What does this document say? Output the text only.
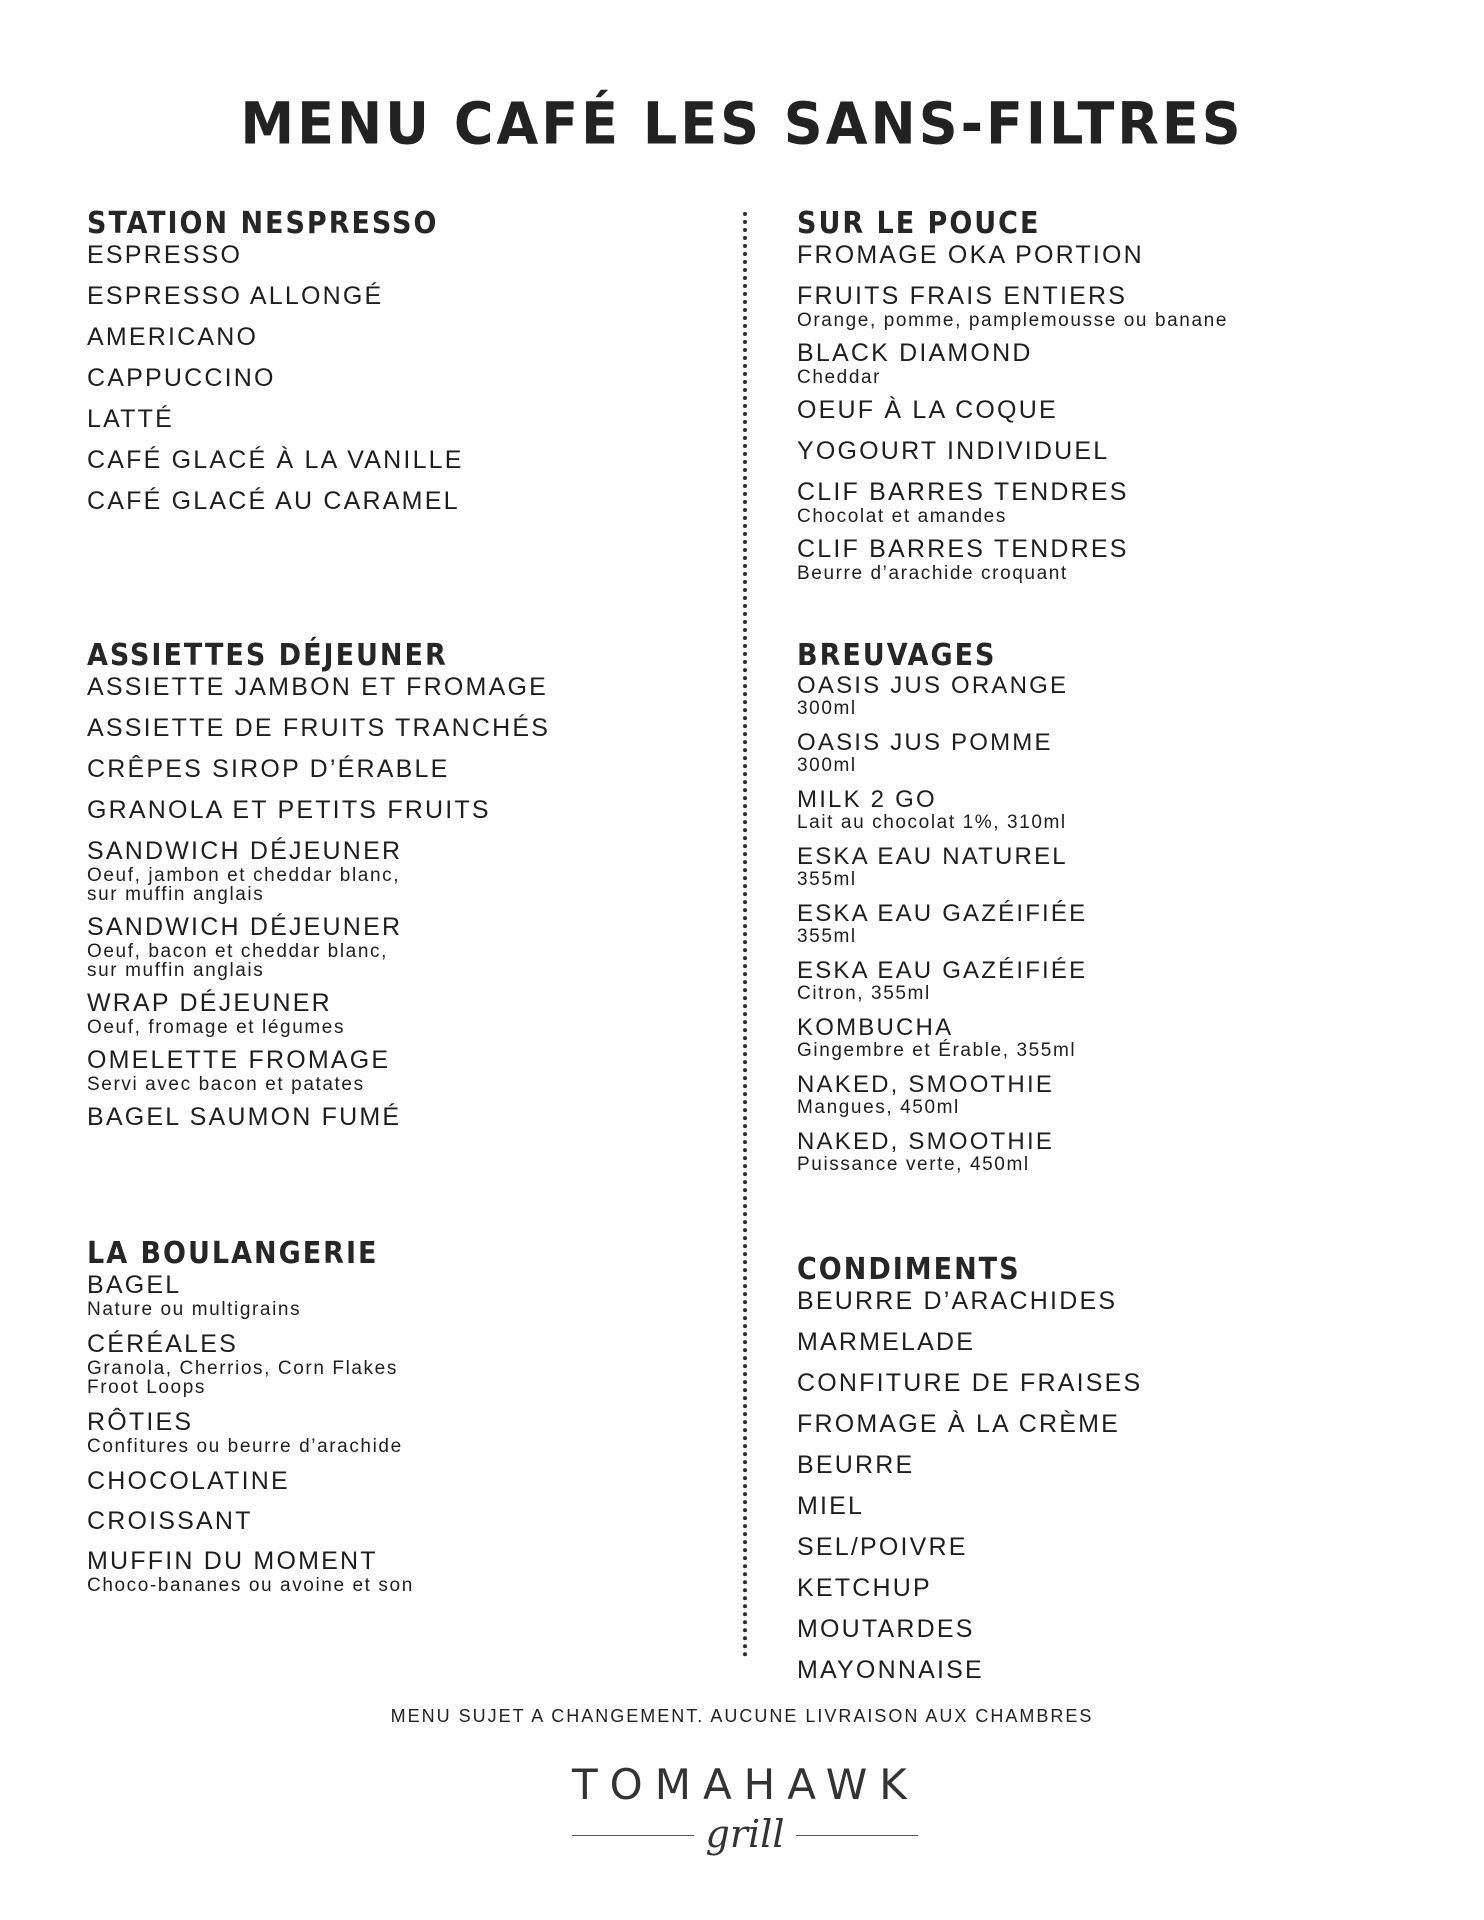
MENU CAFÉ LES SANS-FILTRES
STATION NESPRESSO
ESPRESSO
ESPRESSO ALLONGÉ
AMERICANO
CAPPUCCINO
LATTÉ
CAFÉ GLACÉ À LA VANILLE
CAFÉ GLACÉ AU CARAMEL
ASSIETTES DÉJEUNER
ASSIETTE JAMBON ET FROMAGE
ASSIETTE DE FRUITS TRANCHÉS
CRÊPES SIROP D’ÉRABLE
GRANOLA ET PETITS FRUITS
SANDWICH DÉJEUNER
Oeuf, jambon et cheddar blanc,
sur muffin anglais
SANDWICH DÉJEUNER
Oeuf, bacon et cheddar blanc,
sur muffin anglais
WRAP DÉJEUNER
Oeuf, fromage et légumes
OMELETTE FROMAGE
Servi avec bacon et patates
BAGEL SAUMON FUMÉ
LA BOULANGERIE
BAGEL
Nature ou multigrains
CÉRÉALES
Granola, Cherrios, Corn Flakes
Froot Loops
RÔTIES
Confitures ou beurre d’arachide
CHOCOLATINE
CROISSANT
MUFFIN DU MOMENT
Choco-bananes ou avoine et son
SUR LE POUCE
FROMAGE OKA PORTION
FRUITS FRAIS ENTIERS
Orange, pomme, pamplemousse ou banane
BLACK DIAMOND
Cheddar
OEUF À LA COQUE
YOGOURT INDIVIDUEL
CLIF BARRES TENDRES
Chocolat et amandes
CLIF BARRES TENDRES
Beurre d’arachide croquant
BREUVAGES
OASIS JUS ORANGE
300ml
OASIS JUS POMME
300ml
MILK 2 GO
Lait au chocolat 1%, 310ml
ESKA EAU NATUREL
355ml
ESKA EAU GAZÉIFIÉE
355ml
ESKA EAU GAZÉIFIÉE
Citron, 355ml
KOMBUCHA
Gingembre et Érable, 355ml
NAKED, SMOOTHIE
Mangues, 450ml
NAKED, SMOOTHIE
Puissance verte, 450ml
CONDIMENTS
BEURRE D’ARACHIDES
MARMELADE
CONFITURE DE FRAISES
FROMAGE À LA CRÈME
BEURRE
MIEL
SEL/POIVRE
KETCHUP
MOUTARDES
MAYONNAISE
MENU SUJET A CHANGEMENT. AUCUNE LIVRAISON AUX CHAMBRES
TOMAHAWK
grill
